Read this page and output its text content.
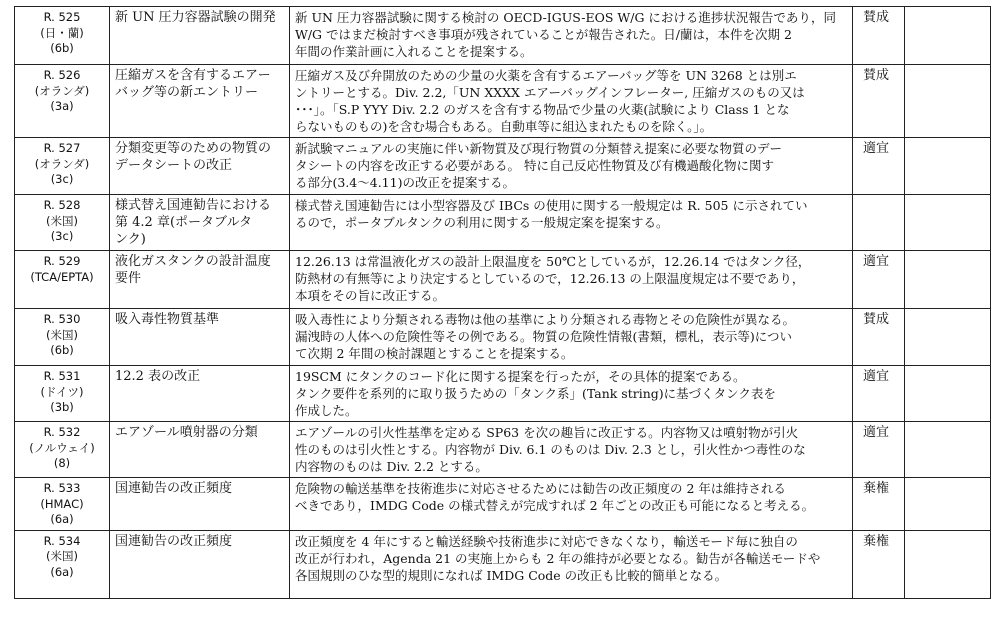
R. 525
(日・蘭)
(6b)	新 UN 圧力容器試験の開発	新 UN 圧力容器試験に関する検討の OECD-IGUS-EOS W/G における進捗状況報告であり，同
W/G ではまだ検討すべき事項が残されていることが報告された。日/蘭は，本件を次期 2
年間の作業計画に入れることを提案する。	賛成	

R. 526
(オランダ)
(3a)	圧縮ガスを含有するエアー
バッグ等の新エントリー	圧縮ガス及び弁開放のための少量の火薬を含有するエアーバッグ等を UN 3268 とは別エ
ントリーとする。Div. 2.2,「UN XXXX エアーバッグインフレーター, 圧縮ガスのもの又は
･･･」。「S.P YYY Div. 2.2 のガスを含有する物品で少量の火薬(試験により Class 1 とな
らないものもの)を含む場合もある。自動車等に組込まれたものを除く。」。	賛成	

R. 527
(オランダ)
(3c)	分類変更等のための物質の
データシートの改正	新試験マニュアルの実施に伴い新物質及び現行物質の分類替え提案に必要な物質のデー
タシートの内容を改正する必要がある。 特に自己反応性物質及び有機過酸化物に関す
る部分(3.4～4.11)の改正を提案する。	適宜	

R. 528
(米国)
(3c)	様式替え国連勧告における
第 4.2 章(ポータブルタ
ンク)	様式替え国連勧告には小型容器及び IBCs の使用に関する一般規定は R. 505 に示されてい
るので，ポータブルタンクの利用に関する一般規定案を提案する。		

R. 529
(TCA/EPTA)	液化ガスタンクの設計温度
要件	12.26.13 は常温液化ガスの設計上限温度を 50℃としているが，12.26.14 ではタンク径，
防熱材の有無等により決定するとしているので，12.26.13 の上限温度規定は不要であり，
本項をその旨に改正する。	適宜	

R. 530
(米国)
(6b)	吸入毒性物質基準	吸入毒性により分類される毒物は他の基準により分類される毒物とその危険性が異なる。
漏洩時の人体への危険性等その例である。物質の危険性情報(書類，標札，表示等)につい
て次期 2 年間の検討課題とすることを提案する。	賛成	

R. 531
(ドイツ)
(3b)	12.2 表の改正	19SCM にタンクのコード化に関する提案を行ったが，その具体的提案である。
タンク要件を系列的に取り扱うための「タンク系」(Tank string)に基づくタンク表を
作成した。	適宜	

R. 532
(ノルウェイ)
(8)	エアゾール噴射器の分類	エアゾールの引火性基準を定める SP63 を次の趣旨に改正する。内容物又は噴射物が引火
性のものは引火性とする。内容物が Div. 6.1 のものは Div. 2.3 とし，引火性かつ毒性のな
内容物のものは Div. 2.2 とする。	適宜	

R. 533
(HMAC)
(6a)	国連勧告の改正頻度	危険物の輸送基準を技術進歩に対応させるためには勧告の改正頻度の 2 年は維持される
べきであり，IMDG Code の様式替えが完成すれば 2 年ごとの改正も可能になると考える。	棄権	

R. 534
(米国)
(6a)	国連勧告の改正頻度	改正頻度を 4 年にすると輸送経験や技術進歩に対応できなくなり，輸送モード毎に独自の
改正が行われ，Agenda 21 の実施上からも 2 年の維持が必要となる。勧告が各輸送モードや
各国規則のひな型的規則になれば IMDG Code の改正も比較的簡単となる。	棄権	
